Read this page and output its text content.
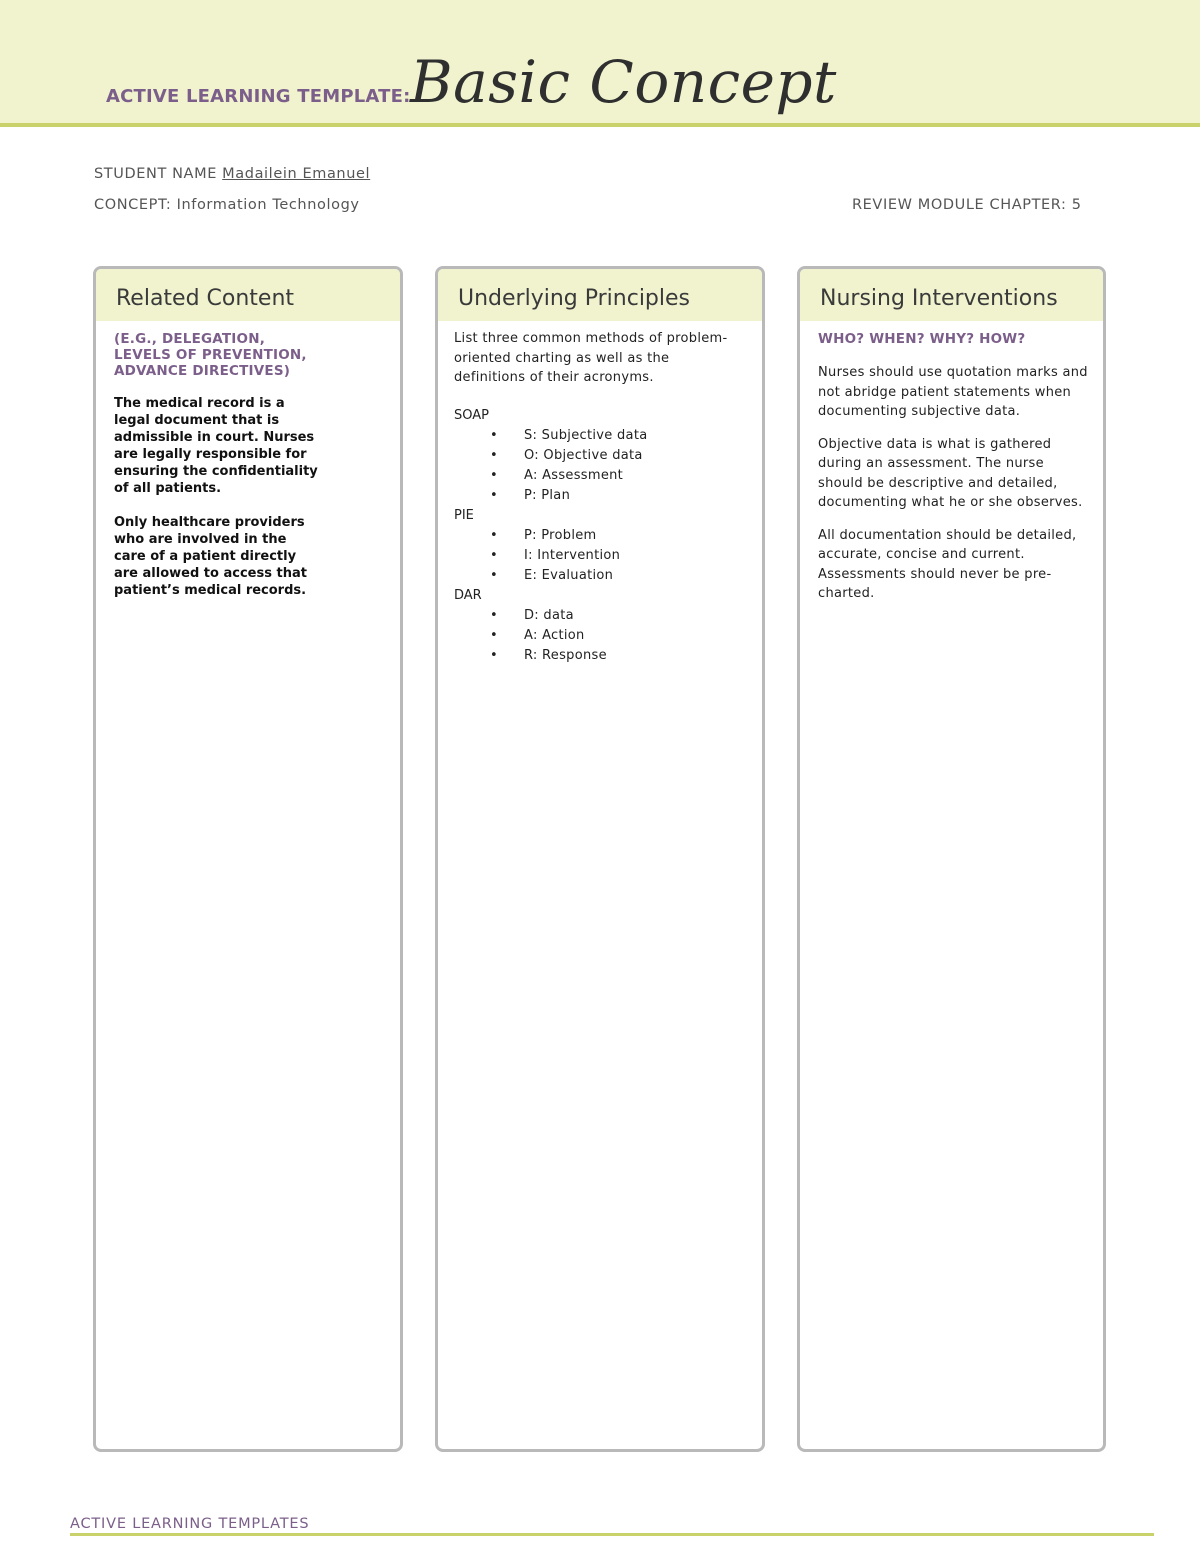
ACTIVE LEARNING TEMPLATE: Basic Concept
STUDENT NAME Madailein Emanuel
CONCEPT: Information Technology	REVIEW MODULE CHAPTER: 5
Related Content
(E.G., DELEGATION, LEVELS OF PREVENTION, ADVANCE DIRECTIVES)

The medical record is a legal document that is admissible in court. Nurses are legally responsible for ensuring the confidentiality of all patients.

Only healthcare providers who are involved in the care of a patient directly are allowed to access that patient’s medical records.

Underlying Principles
List three common methods of problem-oriented charting as well as the definitions of their acronyms.

SOAP

• S: Subjective data
• O: Objective data
• A: Assessment
• P: Plan

PIE

• P: Problem
• I: Intervention
• E: Evaluation

DAR

• D: data
• A: Action
• R: Response
Nursing Interventions
WHO? WHEN? WHY? HOW?

Nurses should use quotation marks and not abridge patient statements when documenting subjective data.

Objective data is what is gathered during an assessment. The nurse should be descriptive and detailed, documenting what he or she observes.

All documentation should be detailed, accurate, concise and current. Assessments should never be pre-charted.

ACTIVE LEARNING TEMPLATES
